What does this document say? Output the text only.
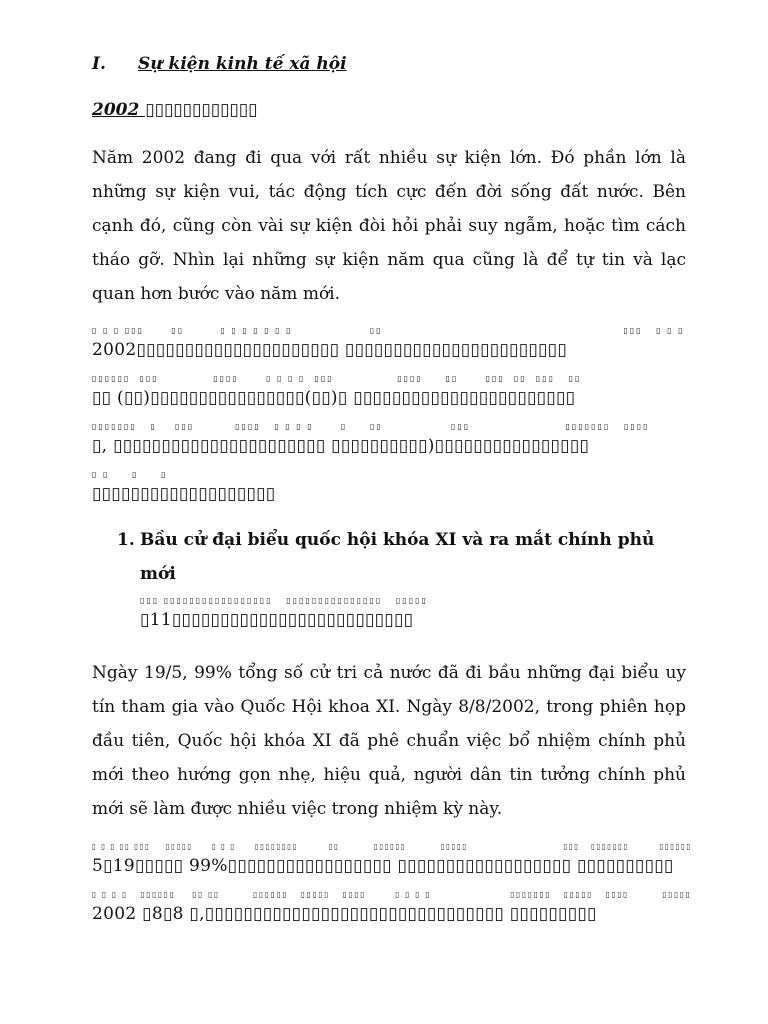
I. Sự kiện kinh tế xã hội
2002 ▯▯▯▯▯▯▯▯▯▯▯▯
Năm 2002 đang đi qua với rất nhiều sự kiện lớn. Đó phần lớn là những sự kiện vui, tác động tích cực đến đời sống đất nước. Bên cạnh đó, cũng còn vài sự kiện đòi hỏi phải suy ngẫm, hoặc tìm cách tháo gỡ. Nhìn lại những sự kiện năm qua cũng là để tự tin và lạc quan hơn bước vào năm mới.
▯ ▯ ▯ ▯▯▯      ▯▯        ▯ ▯ ▯ ▯ ▯ ▯ ▯                 ▯▯                                                     ▯▯▯   ▯ ▯ ▯
2002▯▯▯▯▯▯▯▯▯▯▯▯▯▯▯▯▯▯▯▯▯ ▯▯▯▯▯▯▯▯▯▯▯▯▯▯▯▯▯▯▯▯▯▯▯
▯▯▯▯▯▯  ▯▯▯            ▯▯▯▯      ▯ ▯ ▯ ▯  ▯▯▯              ▯▯▯▯     ▯▯      ▯▯▯  ▯▯  ▯▯▯   ▯▯
▯▯ (▯▯)▯▯▯▯▯▯▯▯▯▯▯▯▯▯▯▯(▯▯)▯ ▯▯▯▯▯▯▯▯▯▯▯▯▯▯▯▯▯▯▯▯▯▯▯
▯▯▯▯▯▯▯   ▯    ▯▯▯         ▯▯▯▯   ▯ ▯ ▯ ▯      ▯     ▯▯               ▯▯▯                     ▯▯▯▯▯▯▯   ▯▯▯▯
▯, ▯▯▯▯▯▯▯▯▯▯▯▯▯▯▯▯▯▯▯▯▯▯ ▯▯▯▯▯▯▯▯▯▯)▯▯▯▯▯▯▯▯▯▯▯▯▯▯▯▯
▯ ▯     ▯     ▯
▯▯▯▯▯▯▯▯▯▯▯▯▯▯▯▯▯▯▯
1. Bầu cử đại biểu quốc hội khóa XI và ra mắt chính phủ mới
▯▯▯ ▯▯▯▯▯▯▯▯▯▯▯▯▯▯▯▯▯   ▯▯▯▯▯▯▯▯▯▯▯▯▯▯▯   ▯▯▯▯▯
▯11▯▯▯▯▯▯▯▯▯▯▯▯▯▯▯▯▯▯▯▯▯▯▯▯▯
Ngày 19/5, 99% tổng số cử tri cả nước đã đi bầu những đại biểu uy tín tham gia vào Quốc Hội khoa XI. Ngày 8/8/2002, trong phiên họp đầu tiên, Quốc hội khóa XI đã phê chuẩn việc bổ nhiệm chính phủ mới theo hướng gọn nhẹ, hiệu quả, người dân tin tưởng chính phủ mới sẽ làm được nhiều việc trong nhiệm kỳ này.
▯ ▯ ▯ ▯▯ ▯▯▯    ▯▯▯▯▯     ▯ ▯ ▯     ▯▯▯▯▯▯▯▯        ▯▯         ▯▯▯▯▯▯         ▯▯▯▯▯                         ▯▯▯   ▯▯▯▯▯▯▯        ▯▯▯▯▯▯
5▯19▯▯▯▯▯ 99%▯▯▯▯▯▯▯▯▯▯▯▯▯▯▯▯▯ ▯▯▯▯▯▯▯▯▯▯▯▯▯▯▯▯▯▯ ▯▯▯▯▯▯▯▯▯▯
▯ ▯ ▯ ▯   ▯▯▯▯▯▯    ▯▯ ▯▯        ▯▯▯▯▯▯   ▯▯▯▯▯   ▯▯▯▯       ▯ ▯ ▯ ▯                   ▯▯▯▯▯▯▯   ▯▯▯▯▯   ▯▯▯▯        ▯▯▯▯▯
2002 ▯8▯8 ▯,▯▯▯▯▯▯▯▯▯▯▯▯▯▯▯▯▯▯▯▯▯▯▯▯▯▯▯▯▯▯▯ ▯▯▯▯▯▯▯▯▯
